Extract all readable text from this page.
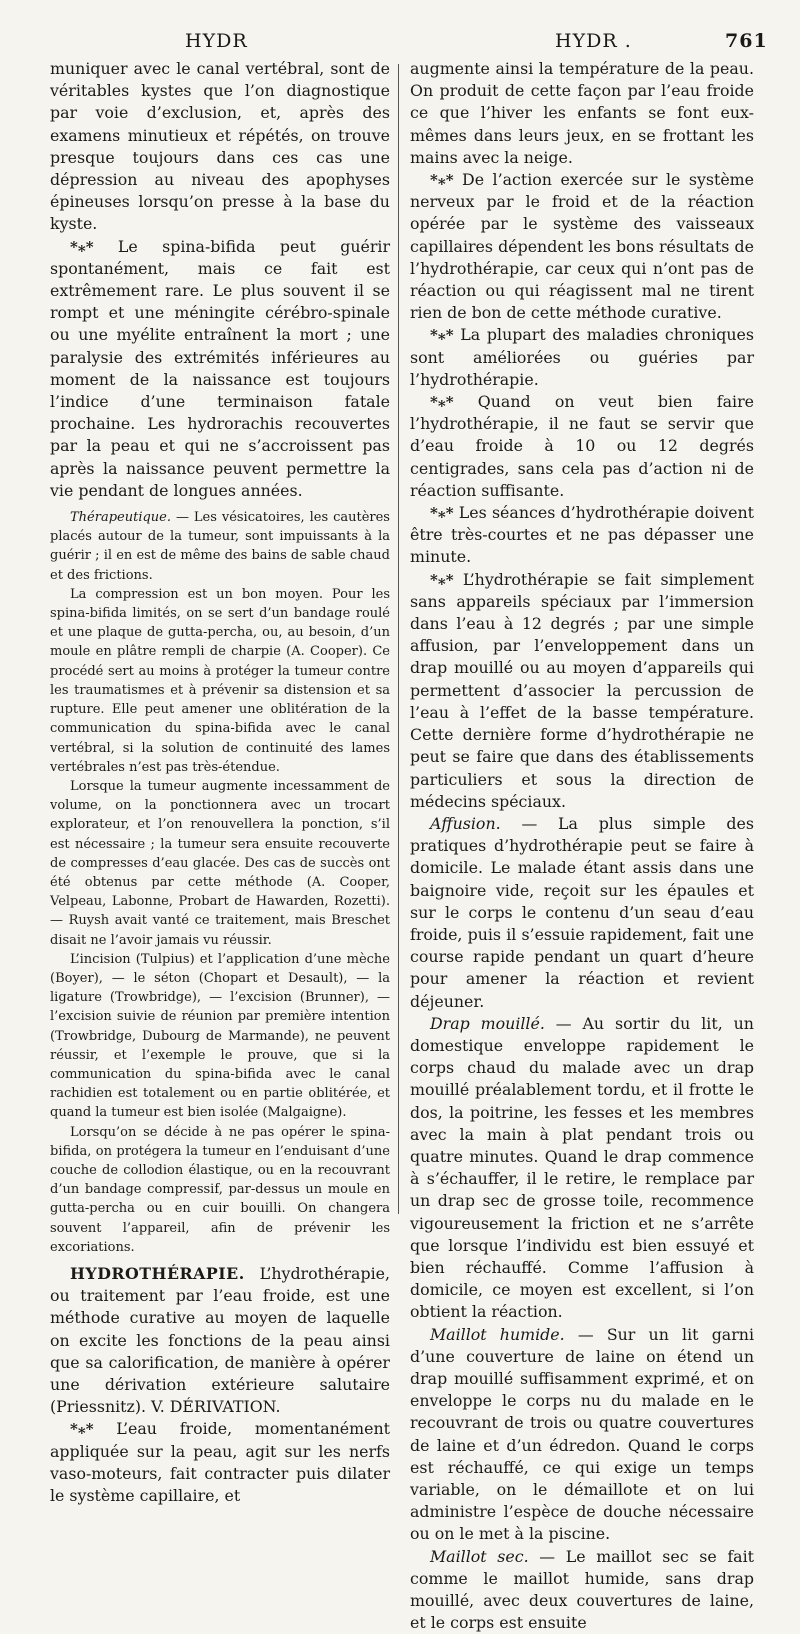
HYDR	HYDR .	761

muniquer avec le canal vertébral, sont de véritables kystes que l’on diagnostique par voie d’exclusion, et, après des examens minutieux et répétés, on trouve presque toujours dans ces cas une dépression au niveau des apophyses épineuses lorsqu’on presse à la base du kyste.

*⁎* Le spina-bifida peut guérir spontanément, mais ce fait est extrêmement rare. Le plus souvent il se rompt et une méningite cérébro-spinale ou une myélite entraînent la mort ; une paralysie des extrémités inférieures au moment de la naissance est toujours l’indice d’une terminaison fatale prochaine. Les hydrorachis recouvertes par la peau et qui ne s’accroissent pas après la naissance peuvent permettre la vie pendant de longues années.

Thérapeutique. — Les vésicatoires, les cautères placés autour de la tumeur, sont impuissants à la guérir ; il en est de même des bains de sable chaud et des frictions.

La compression est un bon moyen. Pour les spina-bifida limités, on se sert d’un bandage roulé et une plaque de gutta-percha, ou, au besoin, d’un moule en plâtre rempli de charpie (A. Cooper). Ce procédé sert au moins à protéger la tumeur contre les traumatismes et à prévenir sa distension et sa rupture. Elle peut amener une oblitération de la communication du spina-bifida avec le canal vertébral, si la solution de continuité des lames vertébrales n’est pas très-étendue.

Lorsque la tumeur augmente incessamment de volume, on la ponctionnera avec un trocart explorateur, et l’on renouvellera la ponction, s’il est nécessaire ; la tumeur sera ensuite recouverte de compresses d’eau glacée. Des cas de succès ont été obtenus par cette méthode (A. Cooper, Velpeau, Labonne, Probart de Hawarden, Rozetti).— Ruysh avait vanté ce traitement, mais Breschet disait ne l’avoir jamais vu réussir.

L’incision (Tulpius) et l’application d’une mèche (Boyer), — le séton (Chopart et Desault), — la ligature (Trowbridge), — l’excision (Brunner), — l’excision suivie de réunion par première intention (Trowbridge, Dubourg de Marmande), ne peuvent réussir, et l’exemple le prouve, que si la communication du spina-bifida avec le canal rachidien est totalement ou en partie oblitérée, et quand la tumeur est bien isolée (Malgaigne).

Lorsqu’on se décide à ne pas opérer le spina-bifida, on protégera la tumeur en l’enduisant d’une couche de collodion élastique, ou en la recouvrant d’un bandage compressif, par-dessus un moule en gutta-percha ou en cuir bouilli. On changera souvent l’appareil, afin de prévenir les excoriations.

HYDROTHÉRAPIE. L’hydrothérapie, ou traitement par l’eau froide, est une méthode curative au moyen de laquelle on excite les fonctions de la peau ainsi que sa calorification, de manière à opérer une dérivation extérieure salutaire (Priessnitz). V. DÉRIVATION.

*⁎* L’eau froide, momentanément appliquée sur la peau, agit sur les nerfs vaso-moteurs, fait contracter puis dilater le système capillaire, et

augmente ainsi la température de la peau. On produit de cette façon par l’eau froide ce que l’hiver les enfants se font eux-mêmes dans leurs jeux, en se frottant les mains avec la neige.

*⁎* De l’action exercée sur le système nerveux par le froid et de la réaction opérée par le système des vaisseaux capillaires dépendent les bons résultats de l’hydrothérapie, car ceux qui n’ont pas de réaction ou qui réagissent mal ne tirent rien de bon de cette méthode curative.

*⁎* La plupart des maladies chroniques sont améliorées ou guéries par l’hydrothérapie.

*⁎* Quand on veut bien faire l’hydrothérapie, il ne faut se servir que d’eau froide à 10 ou 12 degrés centigrades, sans cela pas d’action ni de réaction suffisante.

*⁎* Les séances d’hydrothérapie doivent être très-courtes et ne pas dépasser une minute.

*⁎* L’hydrothérapie se fait simplement sans appareils spéciaux par l’immersion dans l’eau à 12 degrés ; par une simple affusion, par l’enveloppement dans un drap mouillé ou au moyen d’appareils qui permettent d’associer la percussion de l’eau à l’effet de la basse température. Cette dernière forme d’hydrothérapie ne peut se faire que dans des établissements particuliers et sous la direction de médecins spéciaux.

Affusion. — La plus simple des pratiques d’hydrothérapie peut se faire à domicile. Le malade étant assis dans une baignoire vide, reçoit sur les épaules et sur le corps le contenu d’un seau d’eau froide, puis il s’essuie rapidement, fait une course rapide pendant un quart d’heure pour amener la réaction et revient déjeuner.

Drap mouillé. — Au sortir du lit, un domestique enveloppe rapidement le corps chaud du malade avec un drap mouillé préalablement tordu, et il frotte le dos, la poitrine, les fesses et les membres avec la main à plat pendant trois ou quatre minutes. Quand le drap commence à s’échauffer, il le retire, le remplace par un drap sec de grosse toile, recommence vigoureusement la friction et ne s’arrête que lorsque l’individu est bien essuyé et bien réchauffé. Comme l’affusion à domicile, ce moyen est excellent, si l’on obtient la réaction.

Maillot humide. — Sur un lit garni d’une couverture de laine on étend un drap mouillé suffisamment exprimé, et on enveloppe le corps nu du malade en le recouvrant de trois ou quatre couvertures de laine et d’un édredon. Quand le corps est réchauffé, ce qui exige un temps variable, on le démaillote et on lui administre l’espèce de douche nécessaire ou on le met à la piscine.

Maillot sec. — Le maillot sec se fait comme le maillot humide, sans drap mouillé, avec deux couvertures de laine, et le corps est ensuite
